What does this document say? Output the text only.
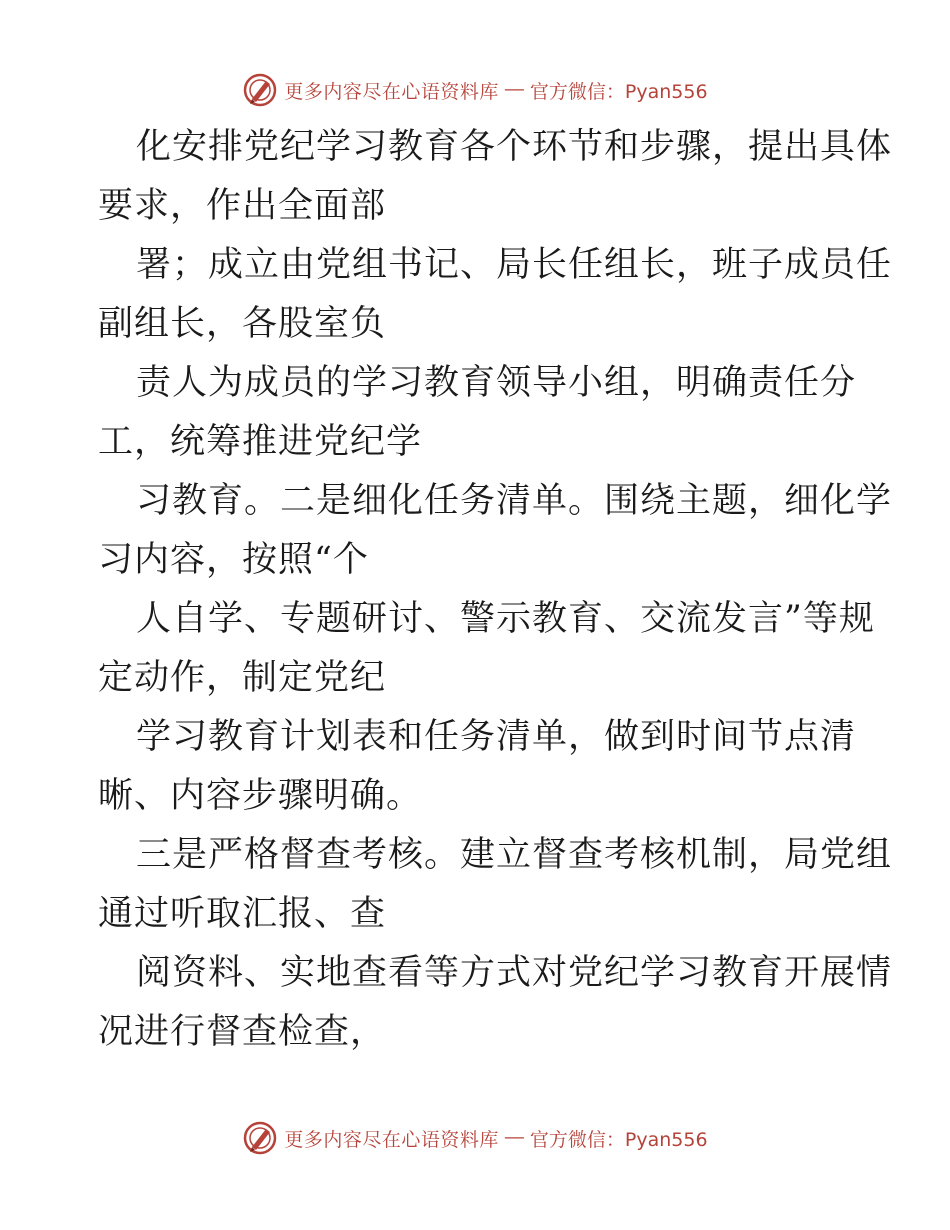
更多内容尽在心语资料库 — 官方微信：Pyan556
化安排党纪学习教育各个环节和步骤，提出具体
要求，作出全面部
署；成立由党组书记、局长任组长，班子成员任
副组长，各股室负
责人为成员的学习教育领导小组，明确责任分
工，统筹推进党纪学
习教育。二是细化任务清单。围绕主题，细化学
习内容，按照“个
人自学、专题研讨、警示教育、交流发言”等规
定动作，制定党纪
学习教育计划表和任务清单，做到时间节点清
晰、内容步骤明确。
三是严格督查考核。建立督查考核机制，局党组
通过听取汇报、查
阅资料、实地查看等方式对党纪学习教育开展情
况进行督查检查，
更多内容尽在心语资料库 — 官方微信：Pyan556
